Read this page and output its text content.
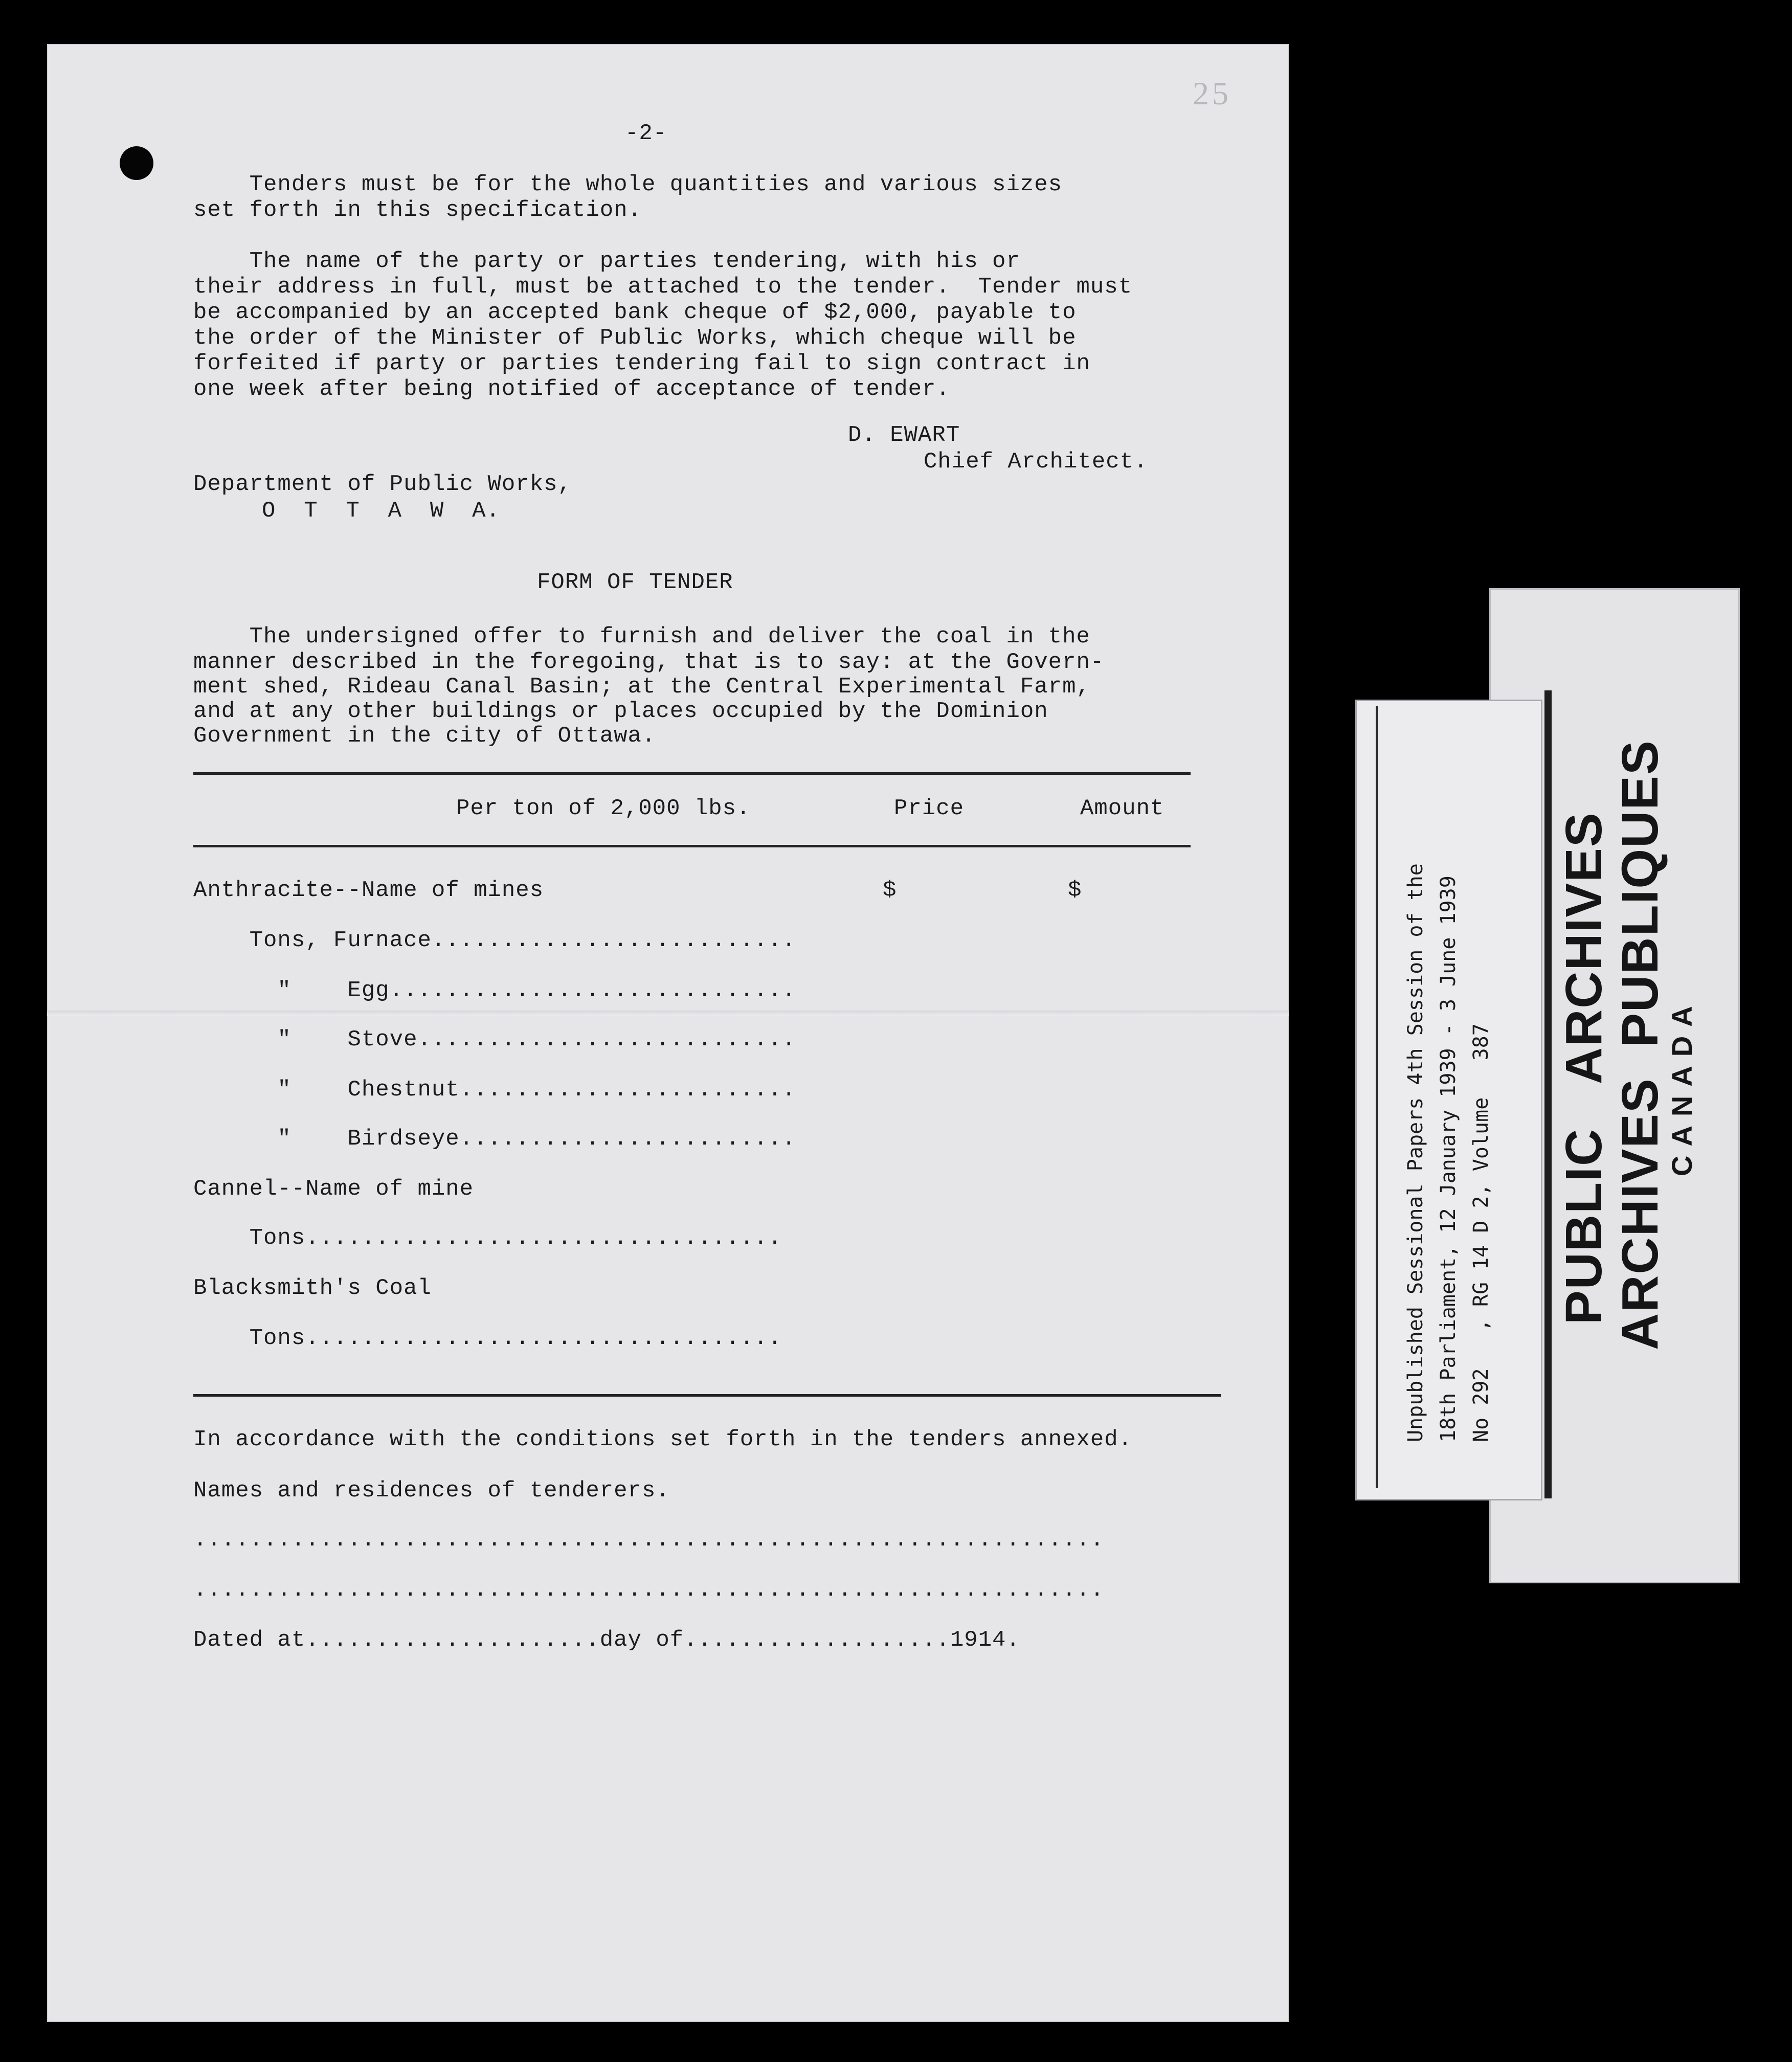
25
-2-
Tenders must be for the whole quantities and various sizes
set forth in this specification.
The name of the party or parties tendering, with his or
their address in full, must be attached to the tender.  Tender must
be accompanied by an accepted bank cheque of $2,000, payable to
the order of the Minister of Public Works, which cheque will be
forfeited if party or parties tendering fail to sign contract in
one week after being notified of acceptance of tender.
D. EWART
Chief Architect.
Department of Public Works,
O  T  T  A  W  A.
FORM OF TENDER
The undersigned offer to furnish and deliver the coal in the
manner described in the foregoing, that is to say: at the Govern-
ment shed, Rideau Canal Basin; at the Central Experimental Farm,
and at any other buildings or places occupied by the Dominion
Government in the city of Ottawa.
Per ton of 2,000 lbs.	Price	Amount
Anthracite--Name of mines	$	$
Tons, Furnace..........................
"    Egg.............................
"    Stove...........................
"    Chestnut........................
"    Birdseye........................
Cannel--Name of mine
Tons..................................
Blacksmith's Coal
Tons..................................
In accordance with the conditions set forth in the tenders annexed.
Names and residences of tenderers.
.................................................................
.................................................................
Dated at.....................day of...................1914.
Unpublished Sessional Papers 4th Session of the 18th Parliament, 12 January 1939 - 3 June 1939 No 292   , RG 14 D 2, Volume   387 PUBLIC   ARCHIVES
ARCHIVES  PUBLIQUES
CANADA
